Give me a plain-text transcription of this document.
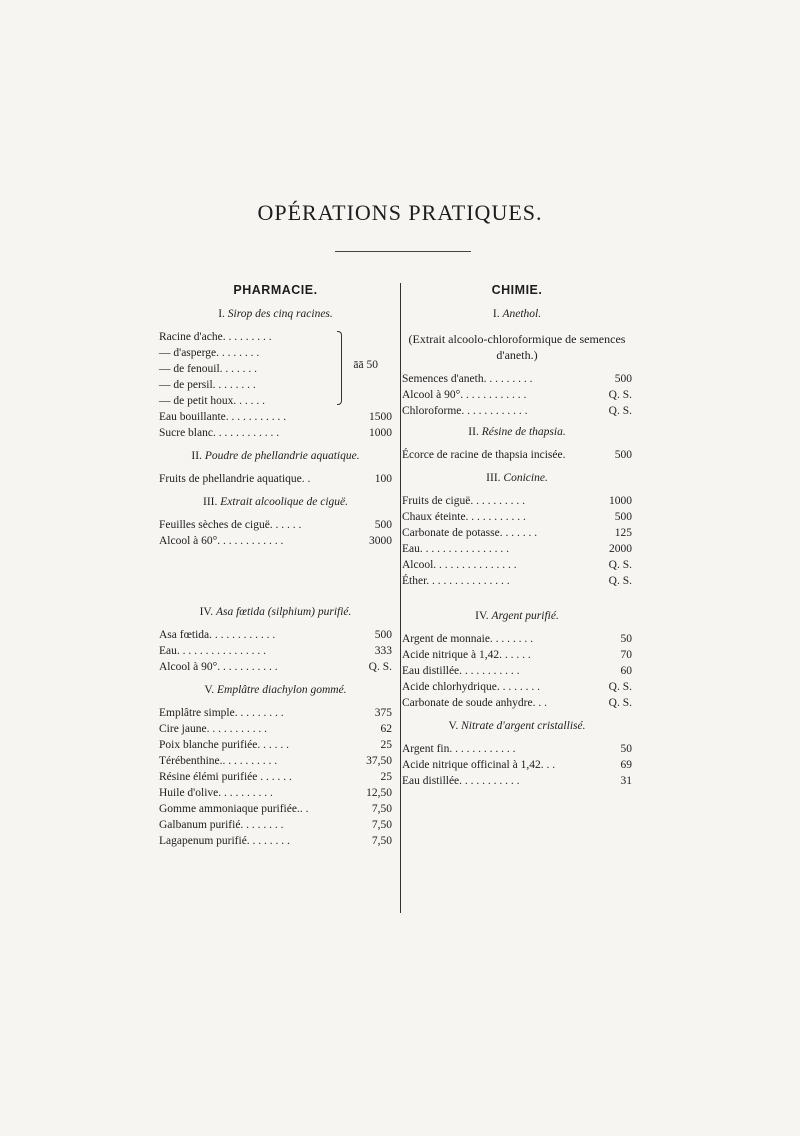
OPÉRATIONS PRATIQUES.
PHARMACIE.
I. Sirop des cinq racines.
Racine d'ache. . . . . . . . .
— d'asperge. . . . . . . .
— de fenouil. . . . . . .
— de persil. . . . . . . .
— de petit houx. . . . . .
āā 50
Eau bouillante. . . . . . . . . . .	1500
Sucre blanc. . . . . . . . . . . .	1000
II. Poudre de phellandrie aquatique.
Fruits de phellandrie aquatique. .	100
III. Extrait alcoolique de ciguë.
Feuilles sèches de ciguë. . . . . .	500
Alcool à 60°. . . . . . . . . . . .	3000
IV. Asa fœtida (silphium) purifié.
Asa fœtida. . . . . . . . . . . .	500
Eau. . . . . . . . . . . . . . . .	333
Alcool à 90°. . . . . . . . . . .	Q. S.
V. Emplâtre diachylon gommé.
Emplâtre simple. . . . . . . . .	375
Cire jaune. . . . . . . . . . .	62
Poix blanche purifiée. . . . . .	25
Térébenthine.. . . . . . . . . .	37,50
Résine élémi purifiée . . . . . .	25
Huile d'olive. . . . . . . . . .	12,50
Gomme ammoniaque purifiée.. .	7,50
Galbanum purifié. . . . . . . .	7,50
Lagapenum purifié. . . . . . . .	7,50
CHIMIE.
I. Anethol.
(Extrait alcoolo-chloroformique de semences d'aneth.)
Semences d'aneth. . . . . . . . .	500
Alcool à 90°. . . . . . . . . . . .	Q. S.
Chloroforme. . . . . . . . . . . .	Q. S.
II. Résine de thapsia.
Écorce de racine de thapsia incisée.	500
III. Conicine.
Fruits de ciguë. . . . . . . . . .	1000
Chaux éteinte. . . . . . . . . . .	500
Carbonate de potasse. . . . . . .	125
Eau. . . . . . . . . . . . . . . .	2000
Alcool. . . . . . . . . . . . . . .	Q. S.
Éther. . . . . . . . . . . . . . .	Q. S.
IV. Argent purifié.
Argent de monnaie. . . . . . . .	50
Acide nitrique à 1,42. . . . . .	70
Eau distillée. . . . . . . . . . .	60
Acide chlorhydrique. . . . . . . .	Q. S.
Carbonate de soude anhydre. . .	Q. S.
V. Nitrate d'argent cristallisé.
Argent fin. . . . . . . . . . . .	50
Acide nitrique officinal à 1,42. . .	69
Eau distillée. . . . . . . . . . .	31
